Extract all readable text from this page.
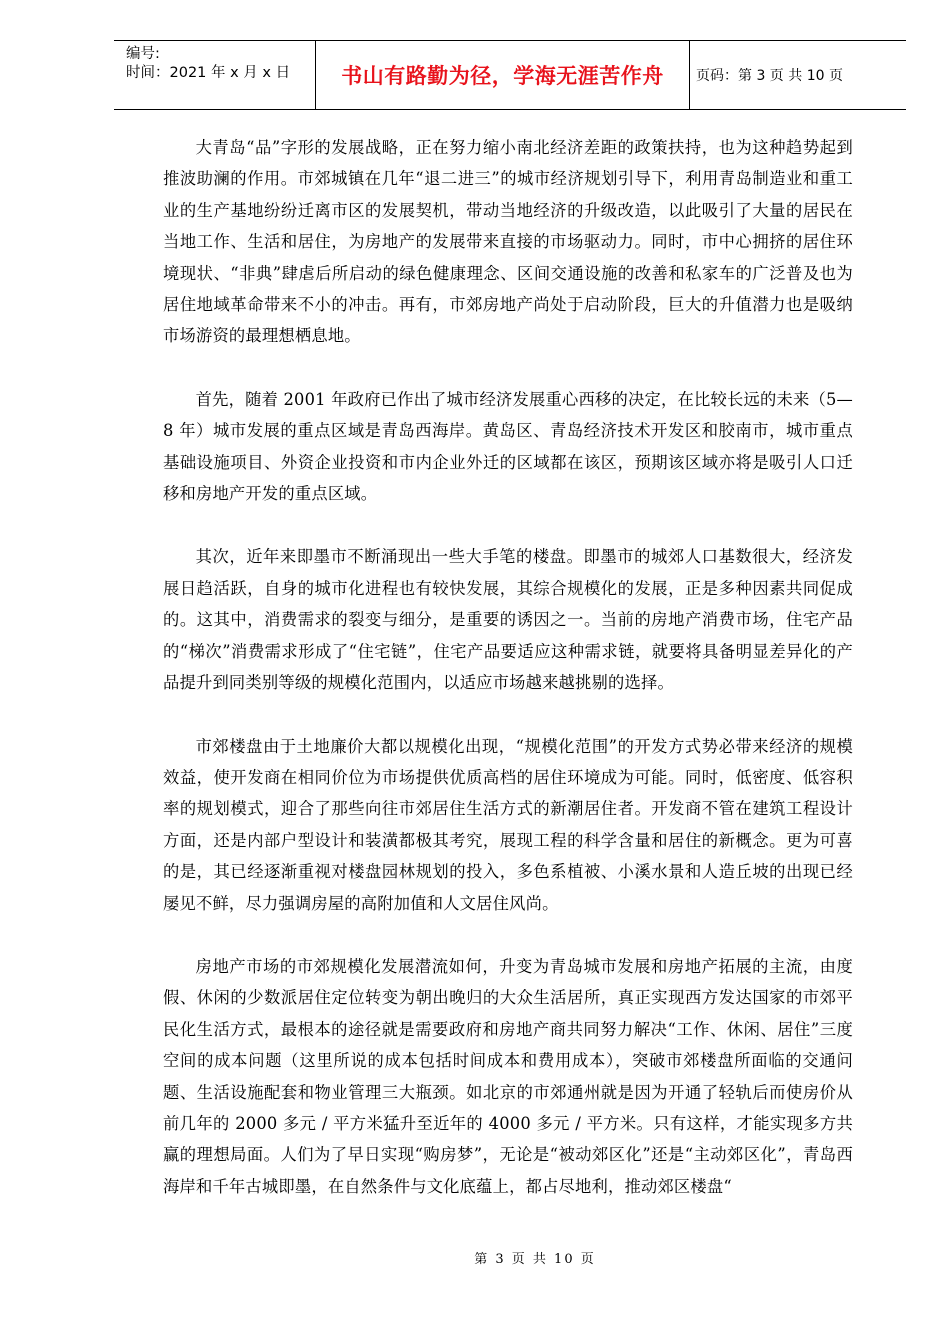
编号:
时间：2021 年 x 月 x 日	书山有路勤为径，学海无涯苦作舟	页码：第 3 页 共 10 页

大青岛“品”字形的发展战略，正在努力缩小南北经济差距的政策扶持，也为这种趋势起到推波助澜的作用。市郊城镇在几年“退二进三”的城市经济规划引导下，利用青岛制造业和重工业的生产基地纷纷迁离市区的发展契机，带动当地经济的升级改造，以此吸引了大量的居民在当地工作、生活和居住，为房地产的发展带来直接的市场驱动力。同时，市中心拥挤的居住环境现状、“非典”肆虐后所启动的绿色健康理念、区间交通设施的改善和私家车的广泛普及也为居住地域革命带来不小的冲击。再有，市郊房地产尚处于启动阶段，巨大的升值潜力也是吸纳市场游资的最理想栖息地。

首先，随着 2001 年政府已作出了城市经济发展重心西移的决定，在比较长远的未来（5—8 年）城市发展的重点区域是青岛西海岸。黄岛区、青岛经济技术开发区和胶南市，城市重点基础设施项目、外资企业投资和市内企业外迁的区域都在该区，预期该区域亦将是吸引人口迁移和房地产开发的重点区域。

其次，近年来即墨市不断涌现出一些大手笔的楼盘。即墨市的城郊人口基数很大，经济发展日趋活跃，自身的城市化进程也有较快发展，其综合规模化的发展，正是多种因素共同促成的。这其中，消费需求的裂变与细分，是重要的诱因之一。当前的房地产消费市场，住宅产品的“梯次”消费需求形成了“住宅链”，住宅产品要适应这种需求链，就要将具备明显差异化的产品提升到同类别等级的规模化范围内，以适应市场越来越挑剔的选择。

市郊楼盘由于土地廉价大都以规模化出现，“规模化范围”的开发方式势必带来经济的规模效益，使开发商在相同价位为市场提供优质高档的居住环境成为可能。同时，低密度、低容积率的规划模式，迎合了那些向往市郊居住生活方式的新潮居住者。开发商不管在建筑工程设计方面，还是内部户型设计和装潢都极其考究，展现工程的科学含量和居住的新概念。更为可喜的是，其已经逐渐重视对楼盘园林规划的投入，多色系植被、小溪水景和人造丘坡的出现已经屡见不鲜，尽力强调房屋的高附加值和人文居住风尚。

房地产市场的市郊规模化发展潜流如何，升变为青岛城市发展和房地产拓展的主流，由度假、休闲的少数派居住定位转变为朝出晚归的大众生活居所，真正实现西方发达国家的市郊平民化生活方式，最根本的途径就是需要政府和房地产商共同努力解决“工作、休闲、居住”三度空间的成本问题（这里所说的成本包括时间成本和费用成本），突破市郊楼盘所面临的交通问题、生活设施配套和物业管理三大瓶颈。如北京的市郊通州就是因为开通了轻轨后而使房价从前几年的 2000 多元 / 平方米猛升至近年的 4000 多元 / 平方米。只有这样，才能实现多方共赢的理想局面。人们为了早日实现“购房梦”，无论是“被动郊区化”还是“主动郊区化”，青岛西海岸和千年古城即墨，在自然条件与文化底蕴上，都占尽地利，推动郊区楼盘“

第 3 页 共 10 页
